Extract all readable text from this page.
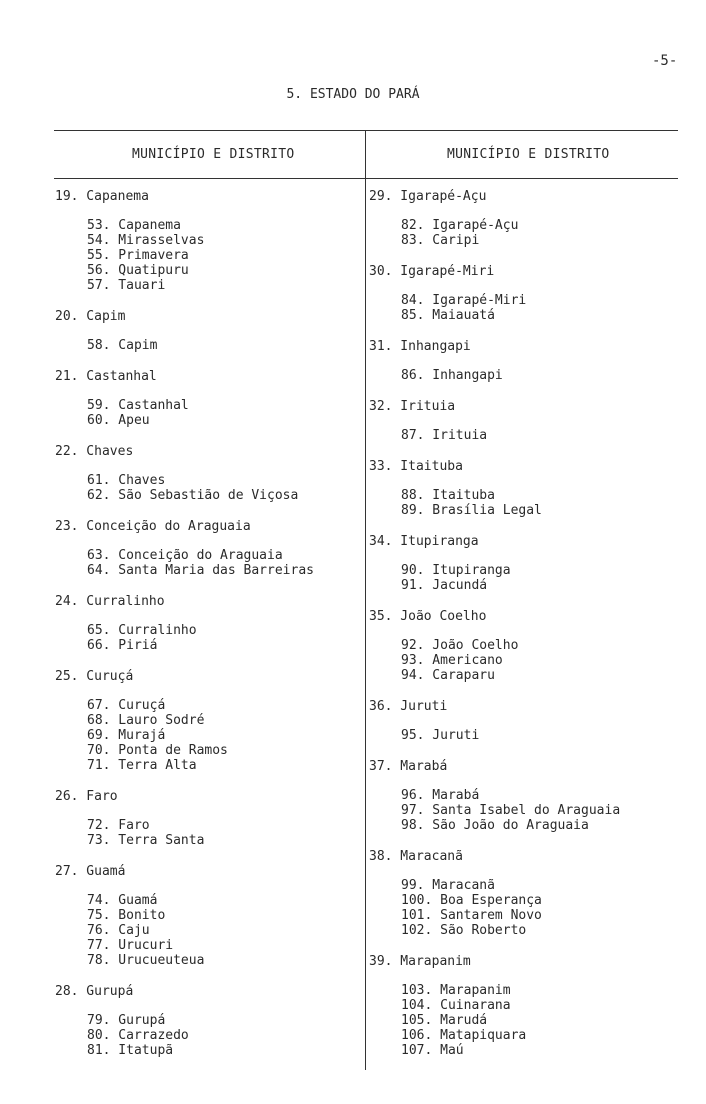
-5-
5. ESTADO DO PARÁ
MUNICÍPIO E DISTRITO	MUNICÍPIO E DISTRITO
19. Capanema
53. Capanema
54. Mirasselvas
55. Primavera
56. Quatipuru
57. Tauari
20. Capim
58. Capim
21. Castanhal
59. Castanhal
60. Apeu
22. Chaves
61. Chaves
62. São Sebastião de Viçosa
23. Conceição do Araguaia
63. Conceição do Araguaia
64. Santa Maria das Barreiras
24. Curralinho
65. Curralinho
66. Piriá
25. Curuçá
67. Curuçá
68. Lauro Sodré
69. Murajá
70. Ponta de Ramos
71. Terra Alta
26. Faro
72. Faro
73. Terra Santa
27. Guamá
74. Guamá
75. Bonito
76. Caju
77. Urucuri
78. Urucueuteua
28. Gurupá
79. Gurupá
80. Carrazedo
81. Itatupã
29. Igarapé-Açu
82. Igarapé-Açu
83. Caripi
30. Igarapé-Miri
84. Igarapé-Miri
85. Maiauatá
31. Inhangapi
86. Inhangapi
32. Irituia
87. Irituia
33. Itaituba
88. Itaituba
89. Brasília Legal
34. Itupiranga
90. Itupiranga
91. Jacundá
35. João Coelho
92. João Coelho
93. Americano
94. Caraparu
36. Juruti
95. Juruti
37. Marabá
96. Marabá
97. Santa Isabel do Araguaia
98. São João do Araguaia
38. Maracanã
99. Maracanã
100. Boa Esperança
101. Santarem Novo
102. São Roberto
39. Marapanim
103. Marapanim
104. Cuinarana
105. Marudá
106. Matapiquara
107. Maú
